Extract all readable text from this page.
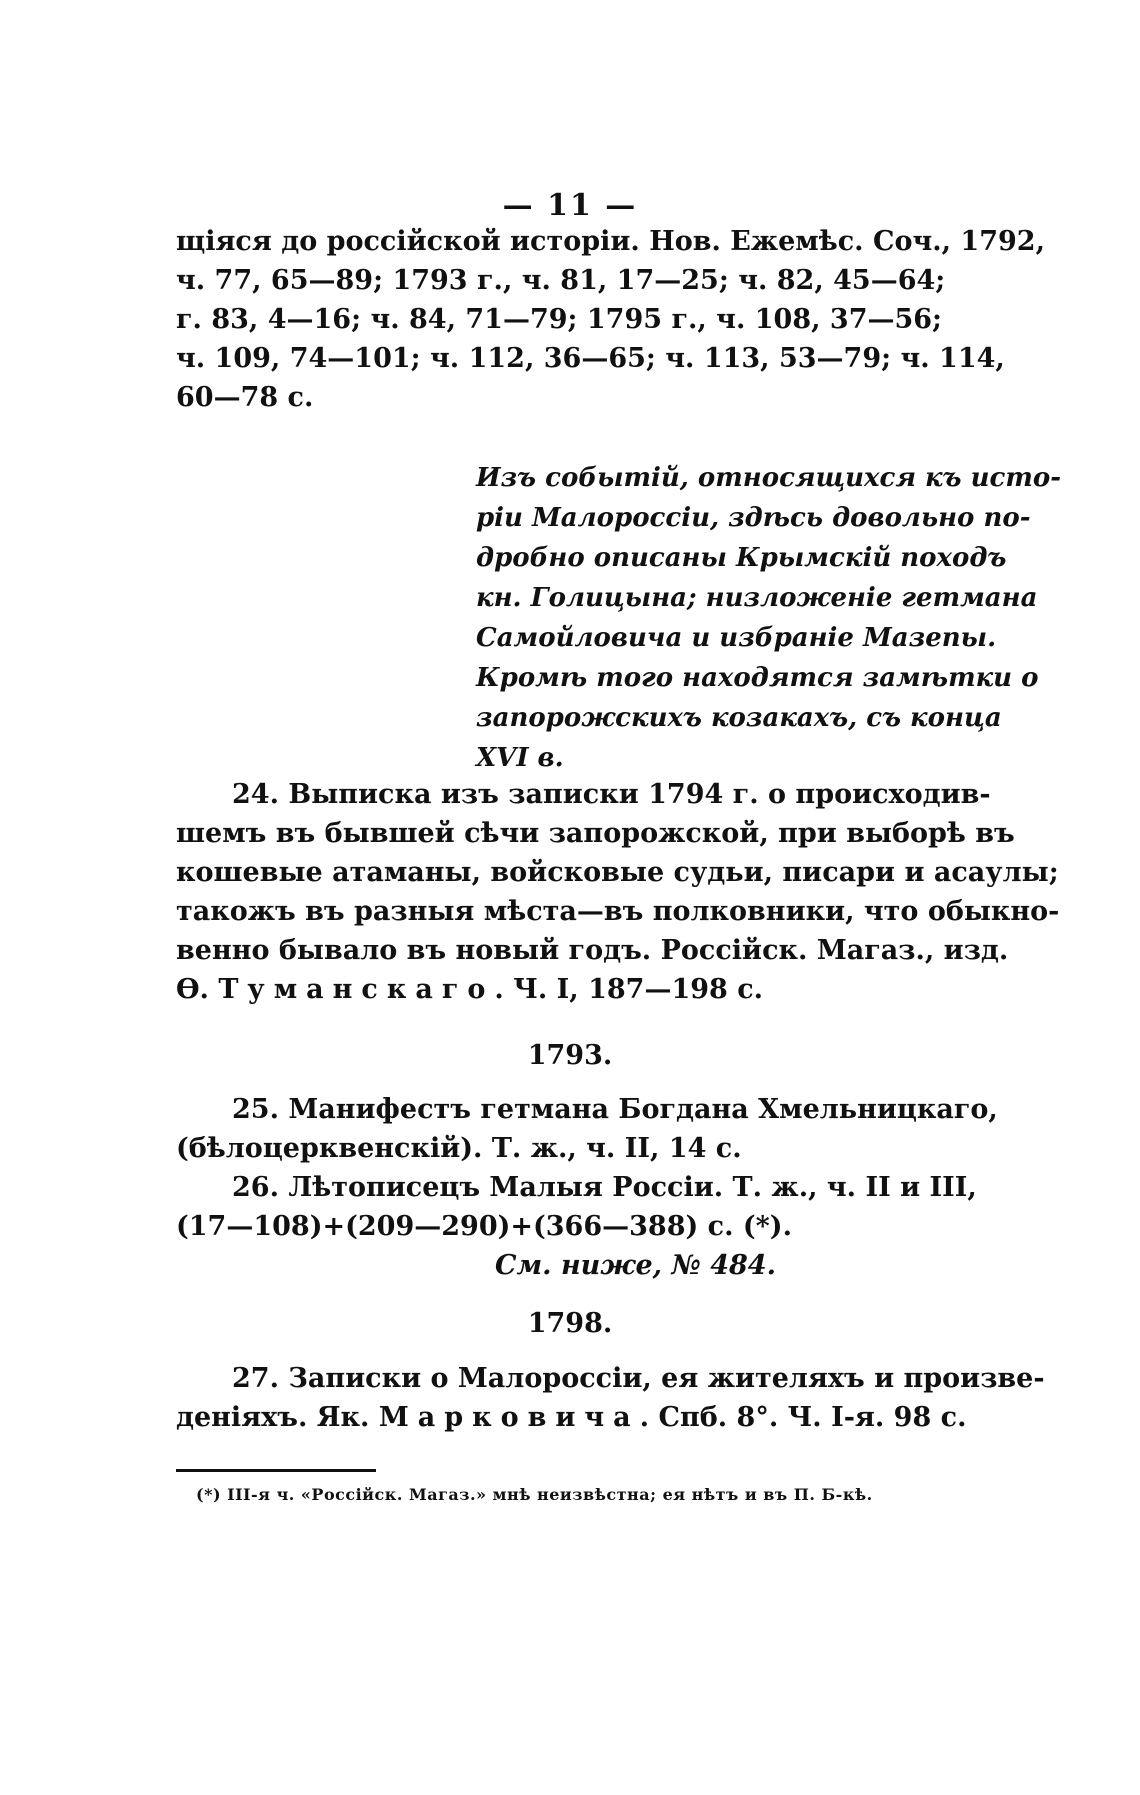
— 11 —
щіяся до россійской исторіи. Нов. Ежемѣс. Соч., 1792,
ч. 77, 65—89; 1793 г., ч. 81, 17—25; ч. 82, 45—64;
г. 83, 4—16; ч. 84, 71—79; 1795 г., ч. 108, 37—56;
ч. 109, 74—101; ч. 112, 36—65; ч. 113, 53—79; ч. 114,
60—78 с.
Изъ событій, относящихся къ исто-
ріи Малороссіи, здѣсь довольно по-
дробно описаны Крымскій походъ
кн. Голицына; низложеніе гетмана
Самойловича и избраніе Мазепы.
Кромѣ того находятся замѣтки о
запорожскихъ козакахъ, съ конца
XVI в.
24. Выписка изъ записки 1794 г. о происходив-
шемъ въ бывшей сѣчи запорожской, при выборѣ въ
кошевые атаманы, войсковые судьи, писари и асаулы;
такожъ въ разныя мѣста—въ полковники, что обыкно-
венно бывало въ новый годъ. Россійск. Магаз., изд.
Ѳ. Туманскаго. Ч. I, 187—198 с.
1793.
25. Манифестъ гетмана Богдана Хмельницкаго,
(бѣлоцерквенскій). Т. ж., ч. II, 14 с.
26. Лѣтописецъ Малыя Россіи. Т. ж., ч. II и III,
(17—108)+(209—290)+(366—388) с. (*).
См. ниже, № 484.
1798.
27. Записки о Малороссіи, ея жителяхъ и произве-
деніяхъ. Як. Марковича. Спб. 8°. Ч. І-я. 98 с.
(*) III-я ч. «Россійск. Магаз.» мнѣ неизвѣстна; ея нѣтъ и въ П. Б-кѣ.
